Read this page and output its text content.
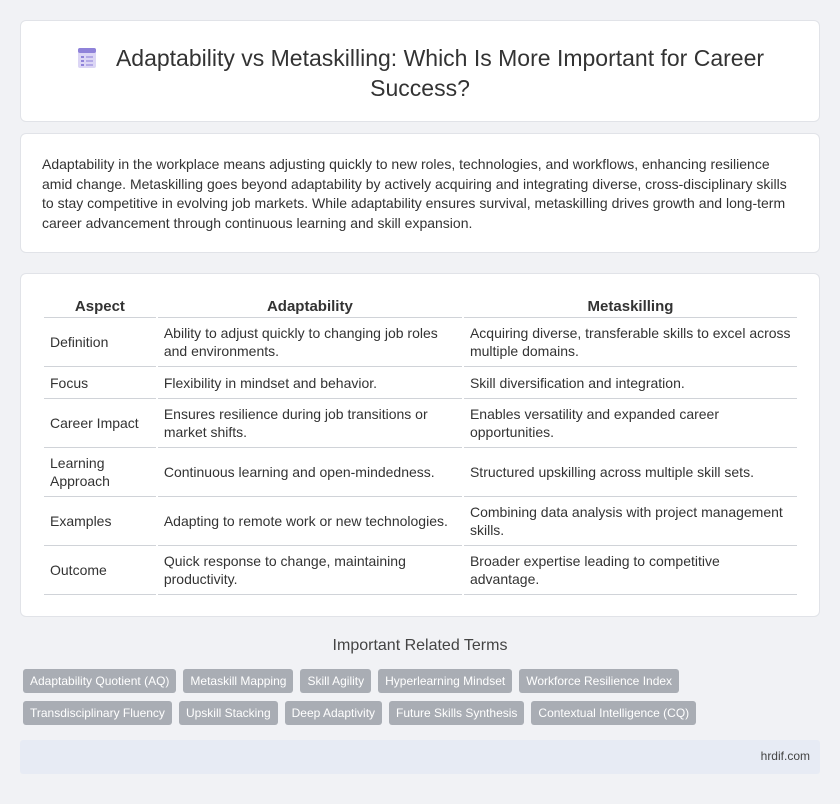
Adaptability vs Metaskilling: Which Is More Important for Career Success?

Adaptability in the workplace means adjusting quickly to new roles, technologies, and workflows, enhancing resilience amid change. Metaskilling goes beyond adaptability by actively acquiring and integrating diverse, cross-disciplinary skills to stay competitive in evolving job markets. While adaptability ensures survival, metaskilling drives growth and long-term career advancement through continuous learning and skill expansion.

Aspect	Adaptability	Metaskilling
Definition	Ability to adjust quickly to changing job roles and environments.	Acquiring diverse, transferable skills to excel across multiple domains.
Focus	Flexibility in mindset and behavior.	Skill diversification and integration.
Career Impact	Ensures resilience during job transitions or market shifts.	Enables versatility and expanded career opportunities.
Learning Approach	Continuous learning and open-mindedness.	Structured upskilling across multiple skill sets.
Examples	Adapting to remote work or new technologies.	Combining data analysis with project management skills.
Outcome	Quick response to change, maintaining productivity.	Broader expertise leading to competitive advantage.
Important Related Terms
Adaptability Quotient (AQ)	Metaskill Mapping	Skill Agility	Hyperlearning Mindset	Workforce Resilience Index
Transdisciplinary Fluency	Upskill Stacking	Deep Adaptivity	Future Skills Synthesis	Contextual Intelligence (CQ)
hrdif.com
